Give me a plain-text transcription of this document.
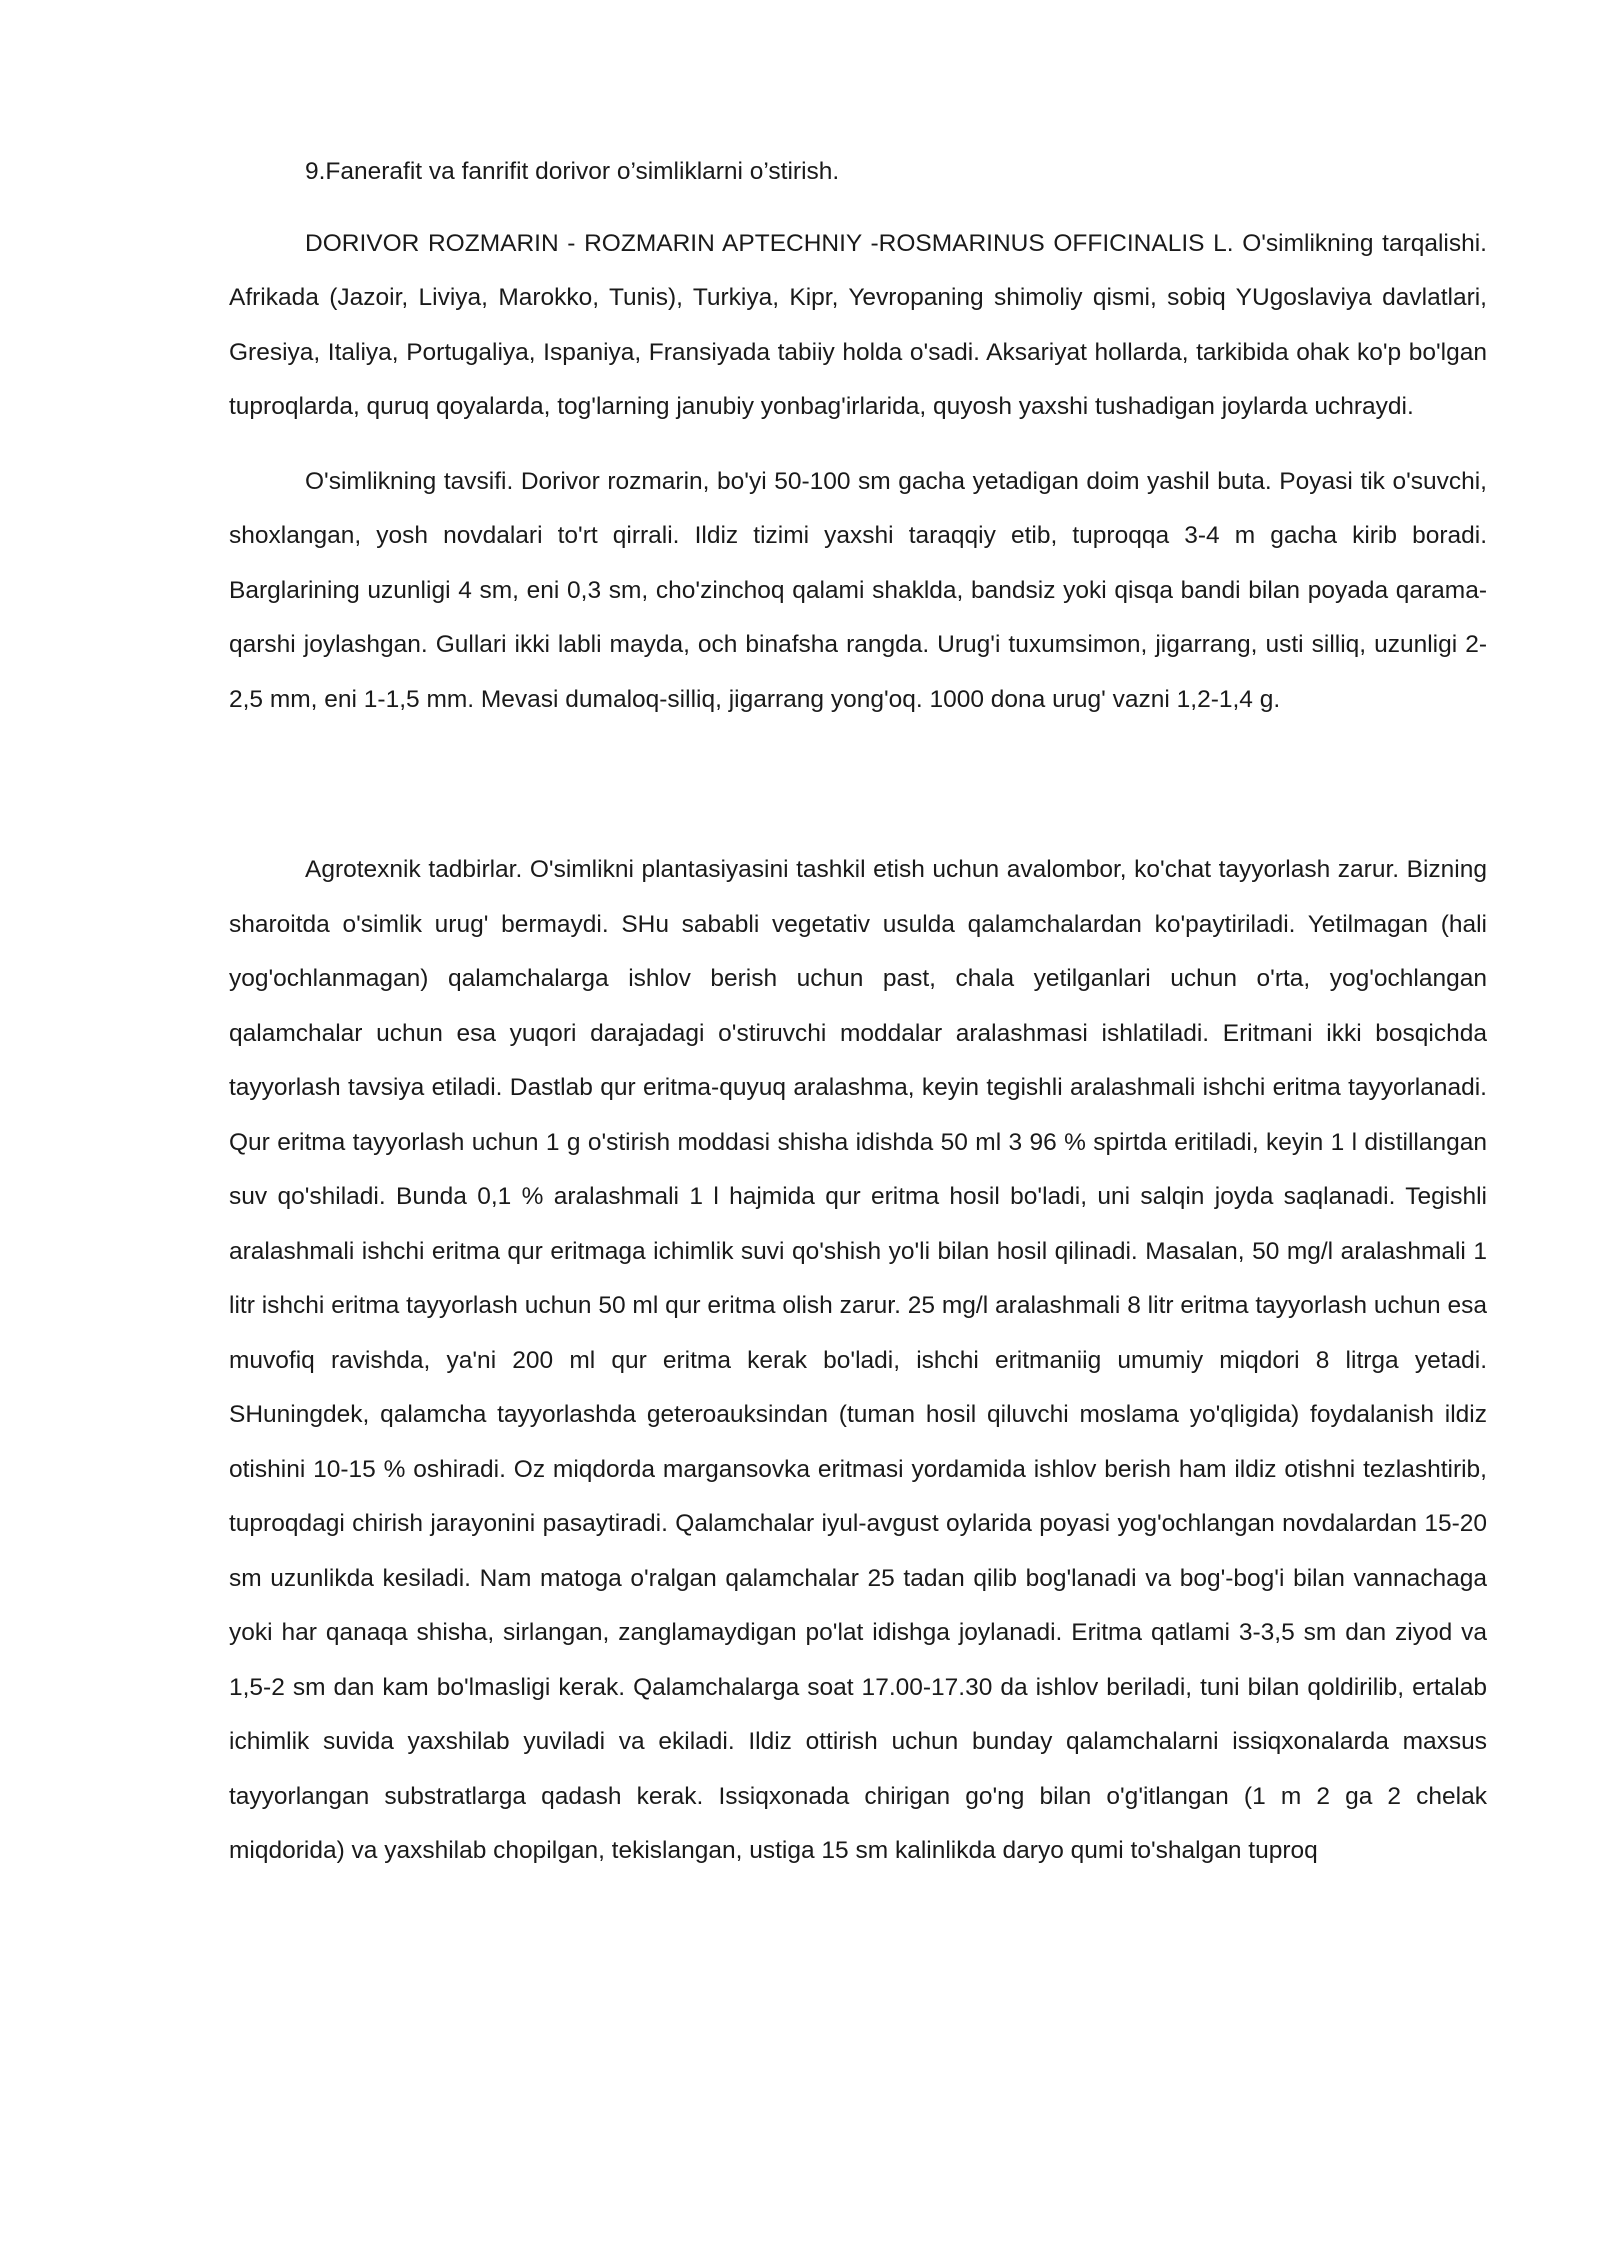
9.Fanerafit va fanrifit dorivor o’simliklarni o’stirish.

DORIVOR ROZMARIN - ROZMARIN APTECHNIY -ROSMARINUS OFFICINALIS L. O'simlikning tarqalishi. Afrikada (Jazoir, Liviya, Marokko, Tunis), Turkiya, Kipr, Yevropaning shimoliy qismi, sobiq YUgoslaviya davlatlari, Gresiya, Italiya, Portugaliya, Ispaniya, Fransiyada tabiiy holda o'sadi. Aksariyat hollarda, tarkibida ohak ko'p bo'lgan tuproqlarda, quruq qoyalarda, tog'larning janubiy yonbag'irlarida, quyosh yaxshi tushadigan joylarda uchraydi.

O'simlikning tavsifi. Dorivor rozmarin, bo'yi 50-100 sm gacha yetadigan doim yashil buta. Poyasi tik o'suvchi, shoxlangan, yosh novdalari to'rt qirrali. Ildiz tizimi yaxshi taraqqiy etib, tuproqqa 3-4 m gacha kirib boradi. Barglarining uzunligi 4 sm, eni 0,3 sm, cho'zinchoq qalami shaklda, bandsiz yoki qisqa bandi bilan poyada qarama-qarshi joylashgan. Gullari ikki labli mayda, och binafsha rangda. Urug'i tuxumsimon, jigarrang, usti silliq, uzunligi 2-2,5 mm, eni 1-1,5 mm. Mevasi dumaloq-silliq, jigarrang yong'oq. 1000 dona urug' vazni 1,2-1,4 g.

Agrotexnik tadbirlar. O'simlikni plantasiyasini tashkil etish uchun avalombor, ko'chat tayyorlash zarur. Bizning sharoitda o'simlik urug' bermaydi. SHu sababli vegetativ usulda qalamchalardan ko'paytiriladi. Yetilmagan (hali yog'ochlanmagan) qalamchalarga ishlov berish uchun past, chala yetilganlari uchun o'rta, yog'ochlangan qalamchalar uchun esa yuqori darajadagi o'stiruvchi moddalar aralashmasi ishlatiladi. Eritmani ikki bosqichda tayyorlash tavsiya etiladi. Dastlab qur eritma-quyuq aralashma, keyin tegishli aralashmali ishchi eritma tayyorlanadi. Qur eritma tayyorlash uchun 1 g o'stirish moddasi shisha idishda 50 ml 3 96 % spirtda eritiladi, keyin 1 l distillangan suv qo'shiladi. Bunda 0,1 % aralashmali 1 l hajmida qur eritma hosil bo'ladi, uni salqin joyda saqlanadi. Tegishli aralashmali ishchi eritma qur eritmaga ichimlik suvi qo'shish yo'li bilan hosil qilinadi. Masalan, 50 mg/l aralashmali 1 litr ishchi eritma tayyorlash uchun 50 ml qur eritma olish zarur. 25 mg/l aralashmali 8 litr eritma tayyorlash uchun esa muvofiq ravishda, ya'ni 200 ml qur eritma kerak bo'ladi, ishchi eritmaniig umumiy miqdori 8 litrga yetadi. SHuningdek, qalamcha tayyorlashda geteroauksindan (tuman hosil qiluvchi moslama yo'qligida) foydalanish ildiz otishini 10-15 % oshiradi. Oz miqdorda margansovka eritmasi yordamida ishlov berish ham ildiz otishni tezlashtirib, tuproqdagi chirish jarayonini pasaytiradi. Qalamchalar iyul-avgust oylarida poyasi yog'ochlangan novdalardan 15-20 sm uzunlikda kesiladi. Nam matoga o'ralgan qalamchalar 25 tadan qilib bog'lanadi va bog'-bog'i bilan vannachaga yoki har qanaqa shisha, sirlangan, zanglamaydigan po'lat idishga joylanadi. Eritma qatlami 3-3,5 sm dan ziyod va 1,5-2 sm dan kam bo'lmasligi kerak. Qalamchalarga soat 17.00-17.30 da ishlov beriladi, tuni bilan qoldirilib, ertalab ichimlik suvida yaxshilab yuviladi va ekiladi. Ildiz ottirish uchun bunday qalamchalarni issiqxonalarda maxsus tayyorlangan substratlarga qadash kerak. Issiqxonada chirigan go'ng bilan o'g'itlangan (1 m 2 ga 2 chelak miqdorida) va yaxshilab chopilgan, tekislangan, ustiga 15 sm kalinlikda daryo qumi to'shalgan tuproq
